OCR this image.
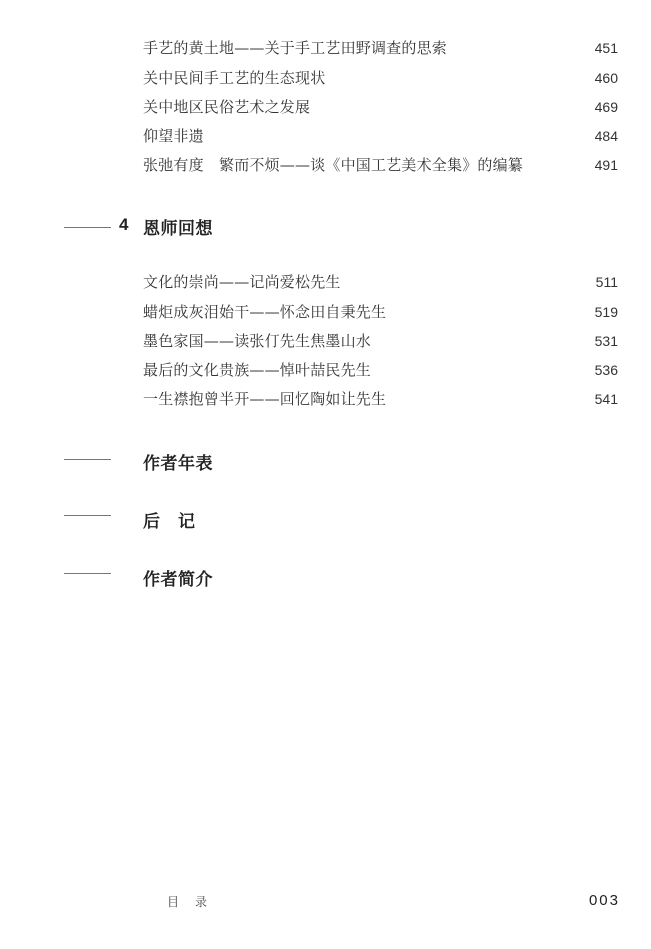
手艺的黄土地——关于手工艺田野调查的思索	451
关中民间手工艺的生态现状	460
关中地区民俗艺术之发展	469
仰望非遗	484
张弛有度　繁而不烦——谈《中国工艺美术全集》的编纂	491
4 恩师回想
文化的崇尚——记尚爱松先生	511
蜡炬成灰泪始干——怀念田自秉先生	519
墨色家国——读张仃先生焦墨山水	531
最后的文化贵族——悼叶喆民先生	536
一生襟抱曾半开——回忆陶如让先生	541
作者年表
后　记
作者简介
目　录	003
